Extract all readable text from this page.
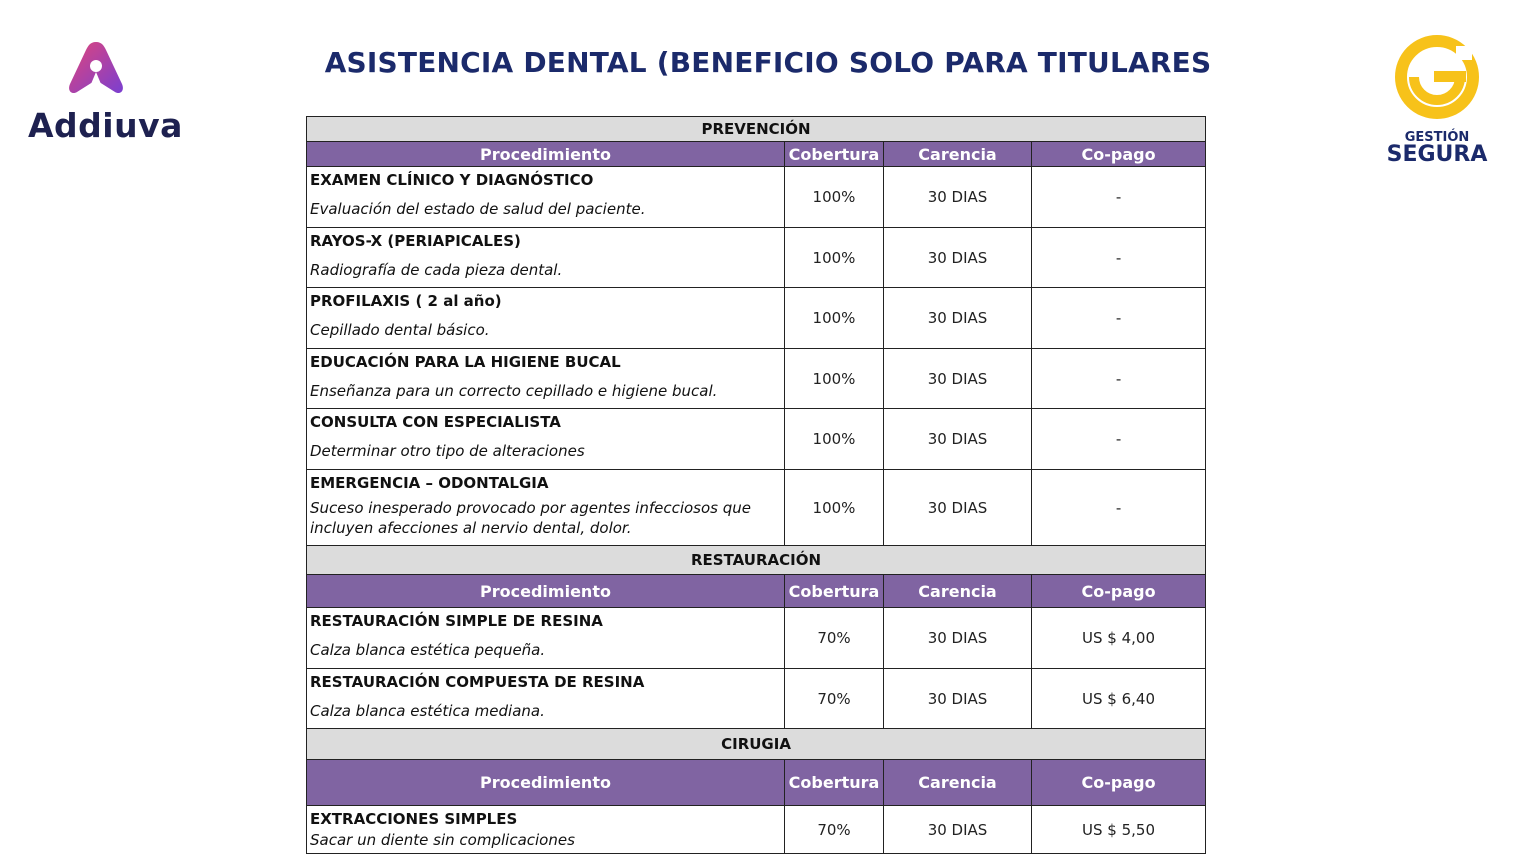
Addiuva
ASISTENCIA DENTAL (BENEFICIO SOLO PARA TITULARES
GESTIÓN
SEGURA
PREVENCIÓN			
Procedimiento	Cobertura	Carencia	Co-pago

EXAMEN CLÍNICO Y DIAGNÓSTICO
Evaluación del estado de salud del paciente.	100%	30 DIAS	-

RAYOS-X (PERIAPICALES)
Radiografía de cada pieza dental.	100%	30 DIAS	-

PROFILAXIS ( 2 al año)
Cepillado dental básico.	100%	30 DIAS	-

EDUCACIÓN PARA LA HIGIENE BUCAL
Enseñanza para un correcto cepillado e higiene bucal.	100%	30 DIAS	-

CONSULTA CON ESPECIALISTA
Determinar otro tipo de alteraciones	100%	30 DIAS	-

EMERGENCIA – ODONTALGIA
Suceso inesperado provocado por agentes infecciosos que incluyen afecciones al nervio dental, dolor.	100%	30 DIAS	-
RESTAURACIÓN			
Procedimiento	Cobertura	Carencia	Co-pago

RESTAURACIÓN SIMPLE DE RESINA
Calza blanca estética pequeña.	70%	30 DIAS	US $ 4,00

RESTAURACIÓN COMPUESTA DE RESINA
Calza blanca estética mediana.	70%	30 DIAS	US $ 6,40
CIRUGIA			
Procedimiento	Cobertura	Carencia	Co-pago

EXTRACCIONES SIMPLES
Sacar un diente sin complicaciones	70%	30 DIAS	US $ 5,50
